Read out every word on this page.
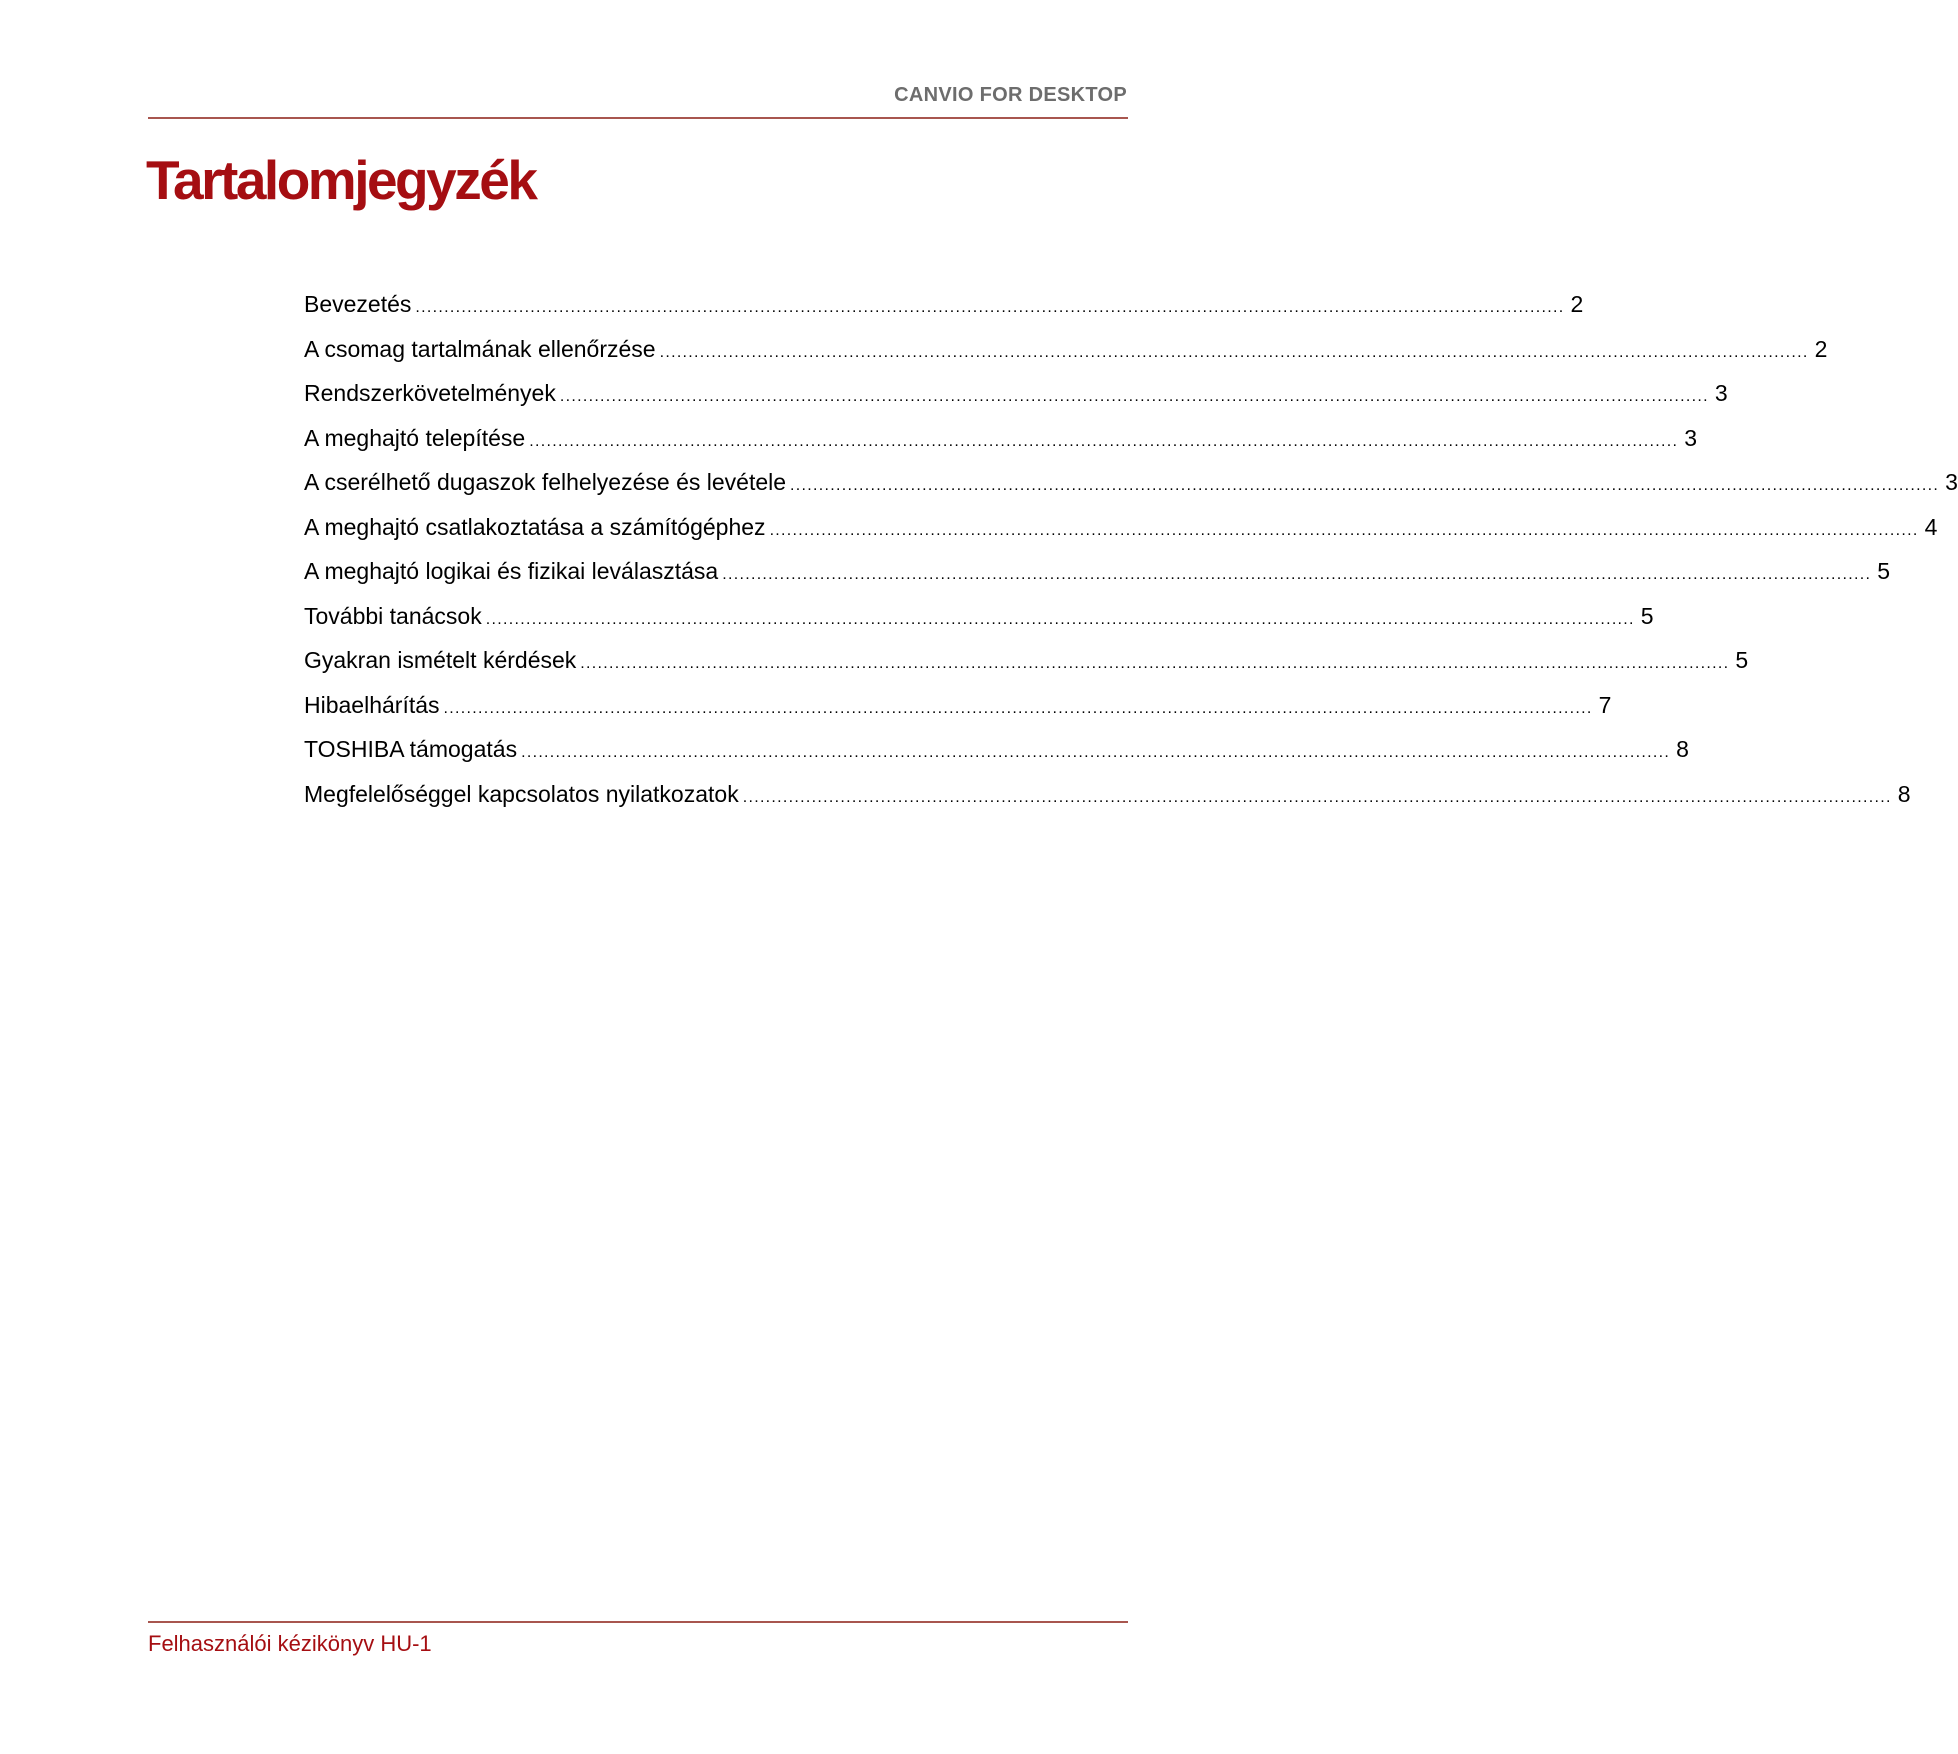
CANVIO FOR DESKTOP
Tartalomjegyzék
Bevezetés ........................................................................................................................................................................................................ 2
A csomag tartalmának ellenőrzése ........................................................................................................................................................................................................ 2
Rendszerkövetelmények ........................................................................................................................................................................................................ 3
A meghajtó telepítése ........................................................................................................................................................................................................ 3
A cserélhető dugaszok felhelyezése és levétele ........................................................................................................................................................................................................ 3
A meghajtó csatlakoztatása a számítógéphez ........................................................................................................................................................................................................ 4
A meghajtó logikai és fizikai leválasztása ........................................................................................................................................................................................................ 5
További tanácsok ........................................................................................................................................................................................................ 5
Gyakran ismételt kérdések ........................................................................................................................................................................................................ 5
Hibaelhárítás ........................................................................................................................................................................................................ 7
TOSHIBA támogatás ........................................................................................................................................................................................................ 8
Megfelelőséggel kapcsolatos nyilatkozatok ........................................................................................................................................................................................................ 8
Felhasználói kézikönyv HU-1
